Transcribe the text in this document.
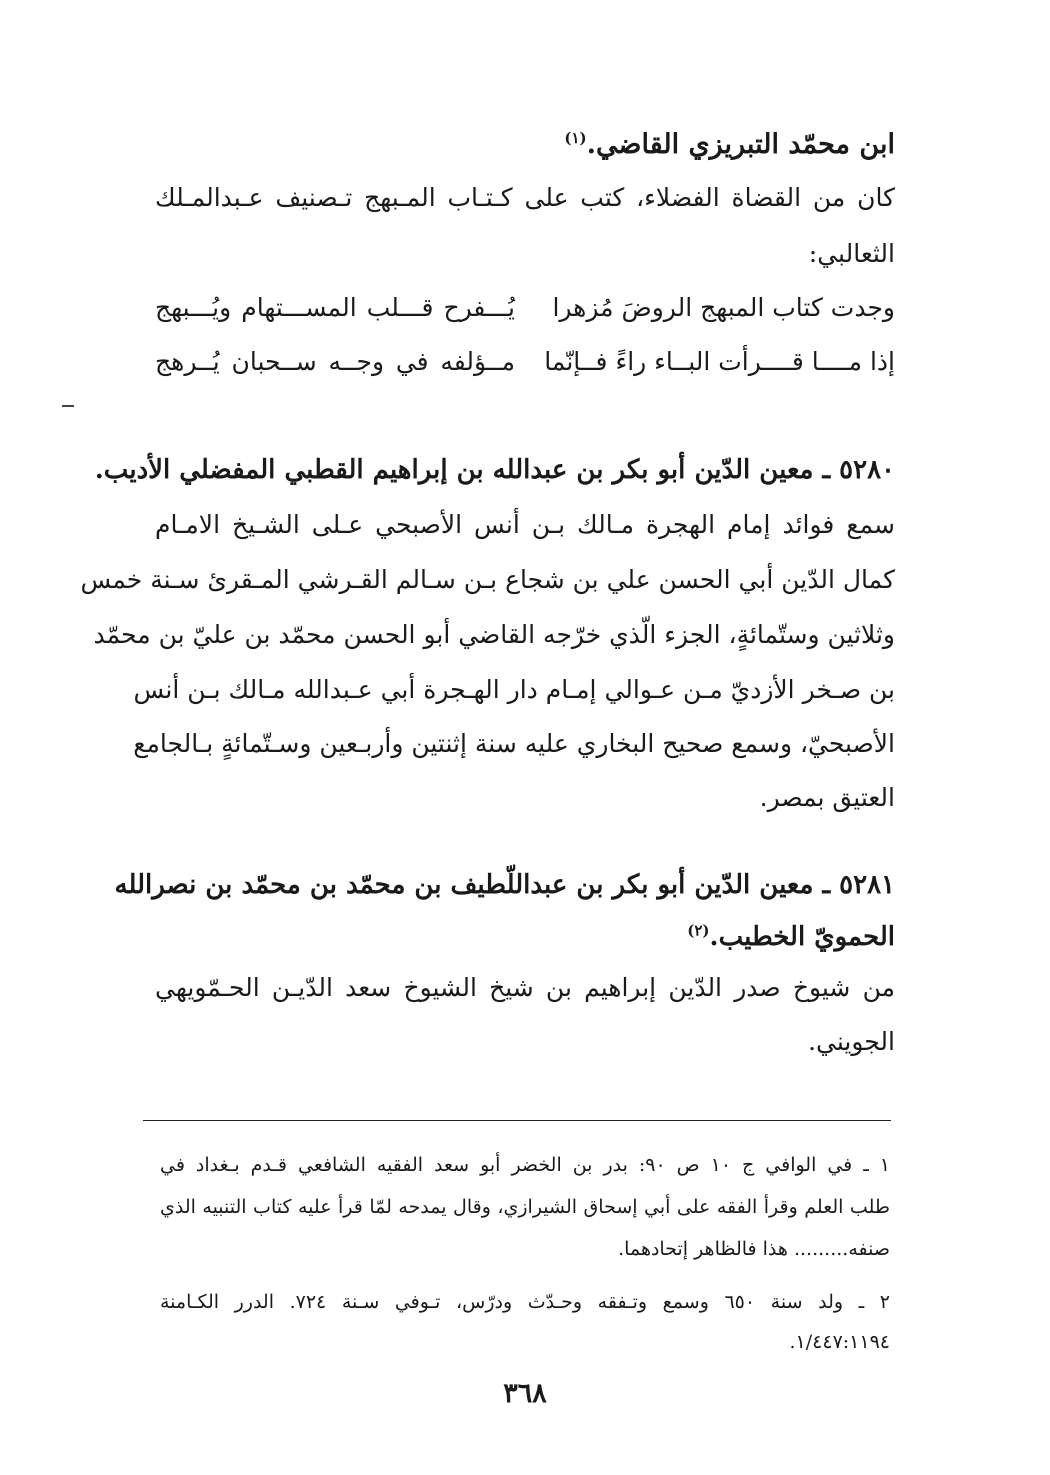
ابن محمّد التبريزي القاضي.$^{(١)}$
كان من القضاة الفضلاء، كتب على كـتـاب المـبهج تـصنيف عـبدالمـلك
الثعالبي:
وجدت كتاب المبهج الروضَ مُزهرا
يُـــفرح قـــلب المســـتهام ويُـــبهج
إذا مــــا قــــرأت البــاء راءً فــإنّما
مــؤلفه في وجــه ســحبان يُــرهج
٥٢٨٠ ـ معين الدّين أبو بكر بن عبدالله بن إبراهيم القطبي المفضلي الأديب.
سمع فوائد إمام الهجرة مـالك بـن أنس الأصبحي عـلى الشـيخ الامـام
كمال الدّين أبي الحسن علي بن شجاع بـن سـالم القـرشي المـقرئ سـنة خمس
وثلاثين وستّمائةٍ، الجزء الّذي خرّجه القاضي أبو الحسن محمّد بن عليّ بن محمّد
بن صـخر الأزديّ مـن عـوالي إمـام دار الهـجرة أبي عـبدالله مـالك بـن أنس
الأصبحيّ، وسمع صحيح البخاري عليه سنة إثنتين وأربـعين وسـتّمائةٍ بـالجامع
العتيق بمصر.
٥٢٨١ ـ معين الدّين أبو بكر بن عبداللّطيف بن محمّد بن محمّد بن نصرالله
الحمويّ الخطيب.$^{(٢)}$
من شيوخ صدر الدّين إبراهيم بن شيخ الشيوخ سعد الدّيـن الحـمّويهي
الجويني.
١ ـ في الوافي ج ١٠ ص ٩٠: بدر بن الخضر أبو سعد الفقيه الشافعي قـدم بـغداد في
طلب العلم وقرأ الفقه على أبي إسحاق الشيرازي، وقال يمدحه لمّا قرأ عليه كتاب التنبيه الذي
صنفه......... هذا فالظاهر إتحادهما.
٢ ـ ولد سنة ٦٥٠ وسمع وتـفقه وحـدّث ودرّس، تـوفي سـنة ٧٢٤. الدرر الكـامنة
١/٤٤٧:١١٩٤.
٣٦٨
